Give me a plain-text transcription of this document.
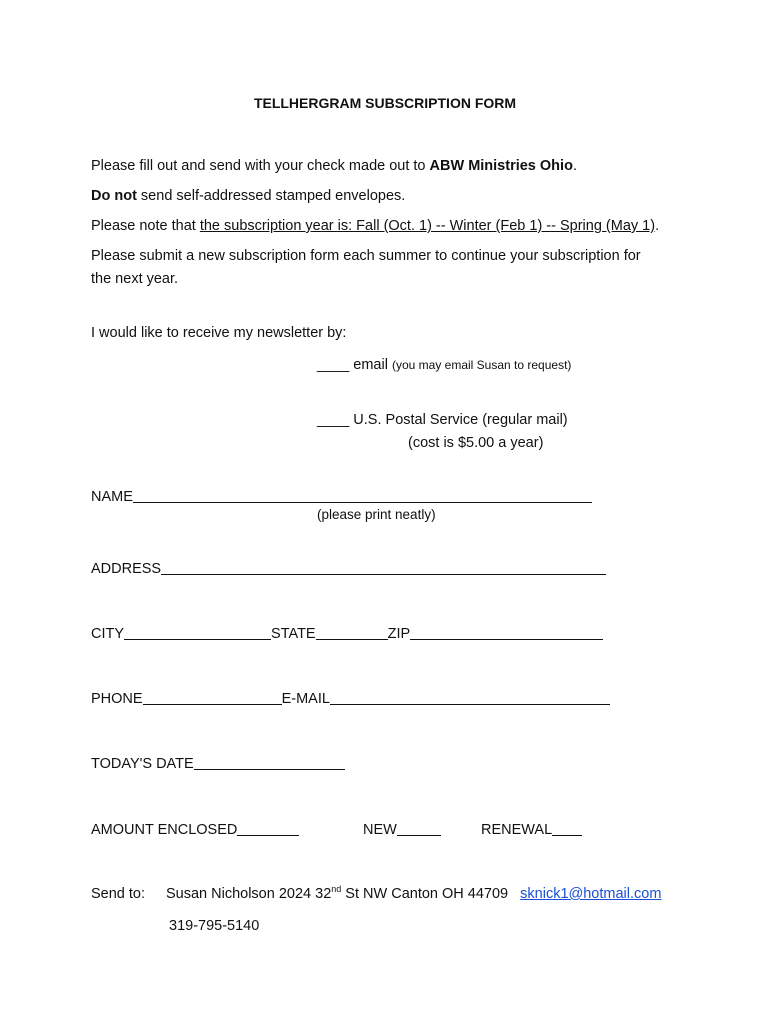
TELLHERGRAM SUBSCRIPTION FORM
Please fill out and send with your check made out to ABW Ministries Ohio.
Do not send self-addressed stamped envelopes.
Please note that the subscription year is: Fall (Oct. 1) -- Winter (Feb 1) -- Spring (May 1).
Please submit a new subscription form each summer to continue your subscription for
the next year.
I would like to receive my newsletter by:
____ email (you may email Susan to request)
____ U.S. Postal Service (regular mail)
(cost is $5.00 a year)
NAME
(please print neatly)
ADDRESS
CITY	STATE	ZIP
PHONE	E-MAIL
TODAY'S DATE
AMOUNT ENCLOSED	NEW	RENEWAL
Send to: Susan Nicholson 2024 32nd St NW Canton OH 44709 sknick1@hotmail.com
319-795-5140
